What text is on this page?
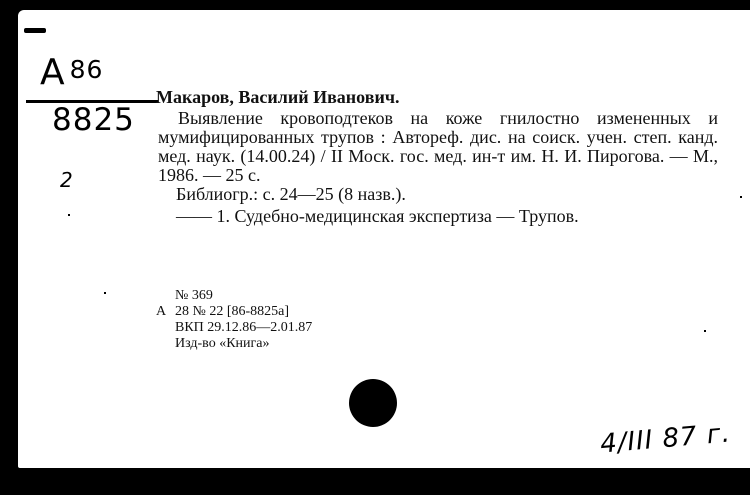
А $^{86}$
8825
2
Макаров, Василий Иванович.
Выявление кровоподтеков на коже гнилостно измененных и мумифицированных трупов : Автореф. дис. на соиск. учен. степ. канд. мед. наук. (14.00.24) / II Моск. гос. мед. ин-т им. Н. И. Пирогова. — М., 1986. — 25 с.
Библиогр.: с. 24—25 (8 назв.).
—— 1. Судебно-медицинская экспертиза — Трупов.
№ 369
А 28 № 22 [86-8825а]
ВКП 29.12.86—2.01.87
Изд-во «Книга»
4/III 87 г.
